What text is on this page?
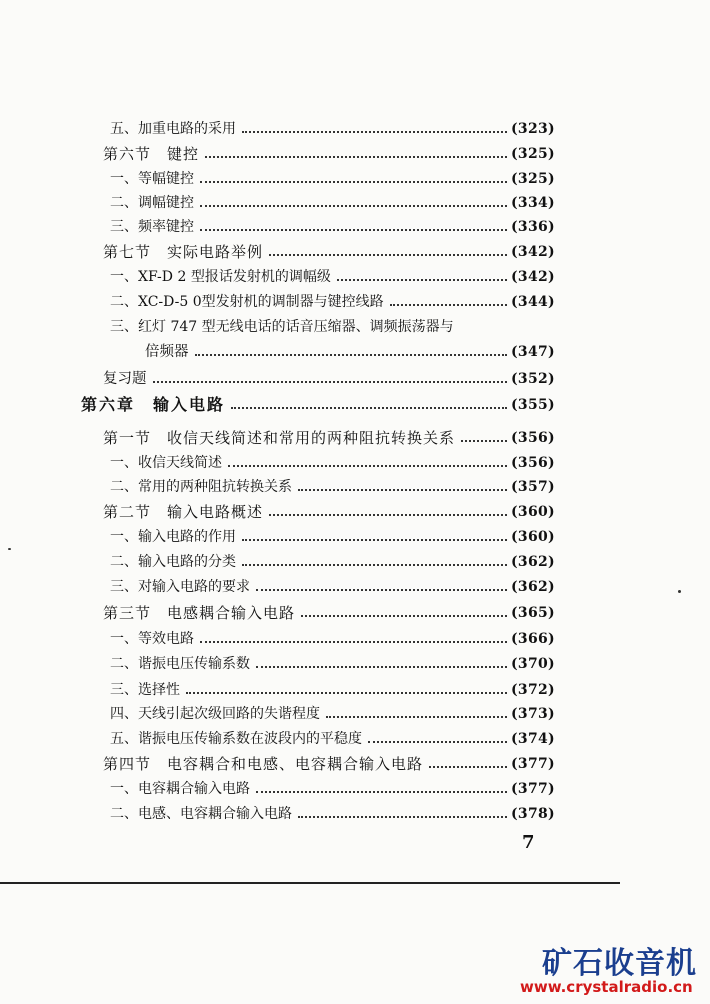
五、加重电路的采用	(323)
第六节　键控	(325)
一、等幅键控	(325)
二、调幅键控	(334)
三、频率键控	(336)
第七节　实际电路举例	(342)
一、XF-D 2 型报话发射机的调幅级	(342)
二、XC-D-5 0型发射机的调制器与键控线路	(344)
三、红灯 747 型无线电话的话音压缩器、调频振荡器与
倍频器	(347)
复习题	(352)
第六章　输入电路	(355)
第一节　收信天线简述和常用的两种阻抗转换关系	(356)
一、收信天线简述	(356)
二、常用的两种阻抗转换关系	(357)
第二节　输入电路概述	(360)
一、输入电路的作用	(360)
二、输入电路的分类	(362)
三、对输入电路的要求	(362)
第三节　电感耦合输入电路	(365)
一、等效电路	(366)
二、谐振电压传输系数	(370)
三、选择性	(372)
四、天线引起次级回路的失谐程度	(373)
五、谐振电压传输系数在波段内的平稳度	(374)
第四节　电容耦合和电感、电容耦合输入电路	(377)
一、电容耦合输入电路	(377)
二、电感、电容耦合输入电路	(378)
7
矿石收音机
www.crystalradio.cn
